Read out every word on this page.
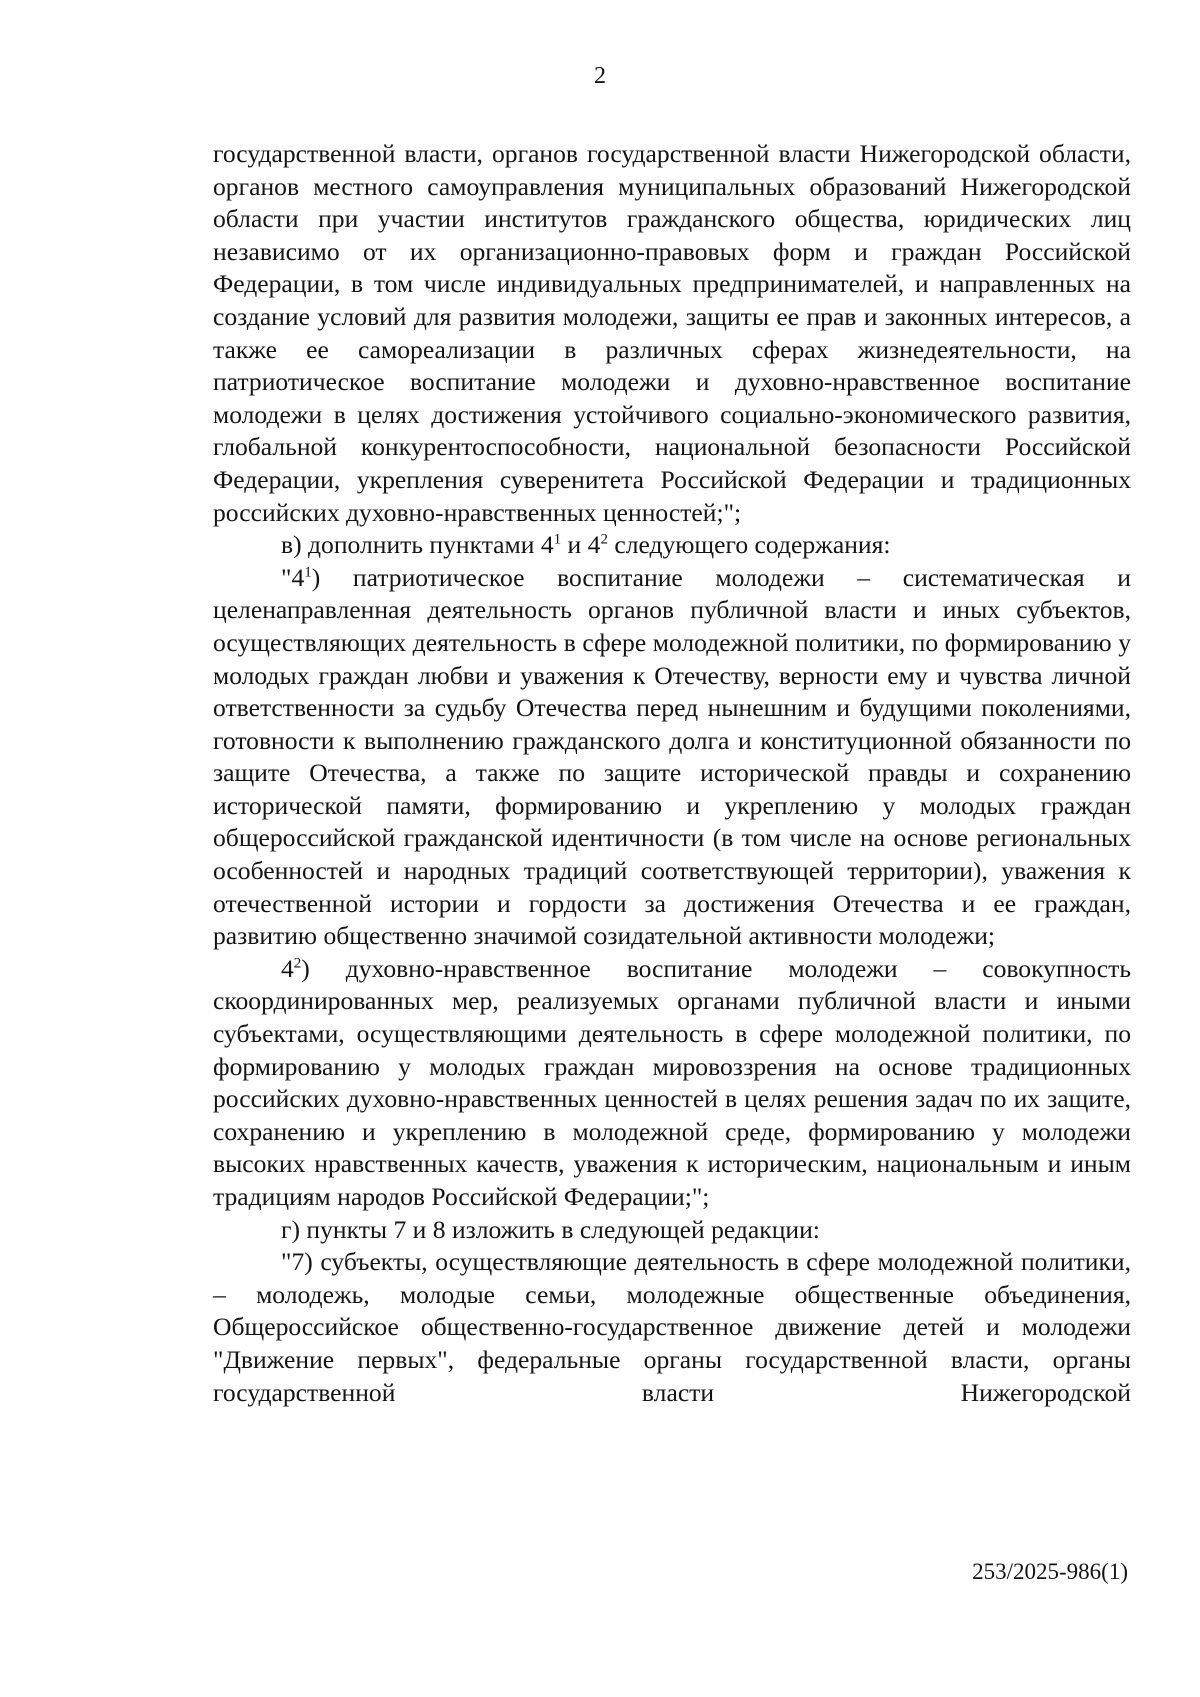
2

государственной власти, органов государственной власти Нижегородской области, органов местного самоуправления муниципальных образований Нижегородской области при участии институтов гражданского общества, юридических лиц независимо от их организационно-правовых форм и граждан Российской Федерации, в том числе индивидуальных предпринимателей, и направленных на создание условий для развития молодежи, защиты ее прав и законных интересов, а также ее самореализации в различных сферах жизнедеятельности, на патриотическое воспитание молодежи и духовно-нравственное воспитание молодежи в целях достижения устойчивого социально-экономического развития, глобальной конкурентоспособности, национальной безопасности Российской Федерации, укрепления суверенитета Российской Федерации и традиционных российских духовно-нравственных ценностей;";

в) дополнить пунктами $4^1$ и $4^2$ следующего содержания:

"$4^1$) патриотическое воспитание молодежи – систематическая и целенаправленная деятельность органов публичной власти и иных субъектов, осуществляющих деятельность в сфере молодежной политики, по формированию у молодых граждан любви и уважения к Отечеству, верности ему и чувства личной ответственности за судьбу Отечества перед нынешним и будущими поколениями, готовности к выполнению гражданского долга и конституционной обязанности по защите Отечества, а также по защите исторической правды и сохранению исторической памяти, формированию и укреплению у молодых граждан общероссийской гражданской идентичности (в том числе на основе региональных особенностей и народных традиций соответствующей территории), уважения к отечественной истории и гордости за достижения Отечества и ее граждан, развитию общественно значимой созидательной активности молодежи;

$4^2$) духовно-нравственное воспитание молодежи – совокупность скоординированных мер, реализуемых органами публичной власти и иными субъектами, осуществляющими деятельность в сфере молодежной политики, по формированию у молодых граждан мировоззрения на основе традиционных российских духовно-нравственных ценностей в целях решения задач по их защите, сохранению и укреплению в молодежной среде, формированию у молодежи высоких нравственных качеств, уважения к историческим, национальным и иным традициям народов Российской Федерации;";

г) пункты 7 и 8 изложить в следующей редакции:

"7) субъекты, осуществляющие деятельность в сфере молодежной политики, – молодежь, молодые семьи, молодежные общественные объединения, Общероссийское общественно-государственное движение детей и молодежи "Движение первых", федеральные органы государственной власти, органы государственной власти Нижегородской

253/2025-986(1)
